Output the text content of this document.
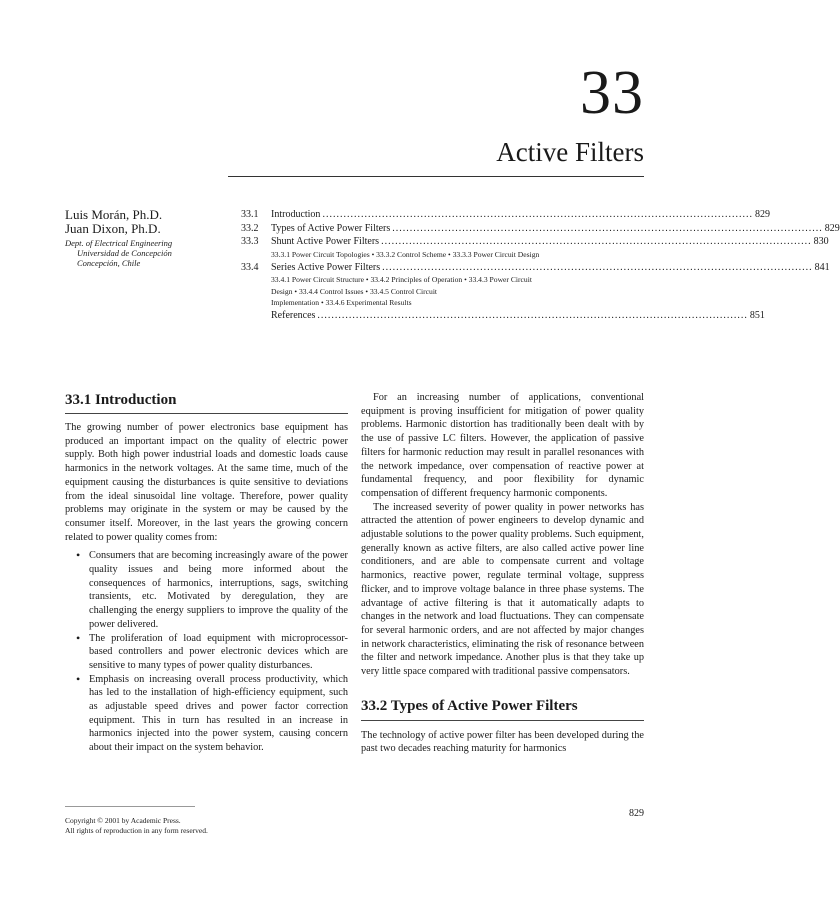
33
Active Filters
Luis Morán, Ph.D.
Juan Dixon, Ph.D.
Dept. of Electrical Engineering
Universidad de Concepción
Concepción, Chile
33.1 Introduction ........................................................................................................................... 829
33.2 Types of Active Power Filters ........................................................................................................................... 829
33.3 Shunt Active Power Filters ........................................................................................................................... 830
33.3.1 Power Circuit Topologies • 33.3.2 Control Scheme • 33.3.3 Power Circuit Design
33.4 Series Active Power Filters ........................................................................................................................... 841
33.4.1 Power Circuit Structure • 33.4.2 Principles of Operation • 33.4.3 Power Circuit
Design • 33.4.4 Control Issues • 33.4.5 Control Circuit
Implementation • 33.4.6 Experimental Results
References ........................................................................................................................... 851
33.1 Introduction

The growing number of power electronics base equipment has produced an important impact on the quality of electric power supply. Both high power industrial loads and domestic loads cause harmonics in the network voltages. At the same time, much of the equipment causing the disturbances is quite sensitive to deviations from the ideal sinusoidal line voltage. Therefore, power quality problems may originate in the system or may be caused by the consumer itself. Moreover, in the last years the growing concern related to power quality comes from:

• Consumers that are becoming increasingly aware of the power quality issues and being more informed about the consequences of harmonics, interruptions, sags, switching transients, etc. Motivated by deregulation, they are challenging the energy suppliers to improve the quality of the power delivered.
• The proliferation of load equipment with microprocessor-based controllers and power electronic devices which are sensitive to many types of power quality disturbances.
• Emphasis on increasing overall process productivity, which has led to the installation of high-efficiency equipment, such as adjustable speed drives and power factor correction equipment. This in turn has resulted in an increase in harmonics injected into the power system, causing concern about their impact on the system behavior.

For an increasing number of applications, conventional equipment is proving insufficient for mitigation of power quality problems. Harmonic distortion has traditionally been dealt with by the use of passive LC filters. However, the application of passive filters for harmonic reduction may result in parallel resonances with the network impedance, over compensation of reactive power at fundamental frequency, and poor flexibility for dynamic compensation of different frequency harmonic components.

The increased severity of power quality in power networks has attracted the attention of power engineers to develop dynamic and adjustable solutions to the power quality problems. Such equipment, generally known as active filters, are also called active power line conditioners, and are able to compensate current and voltage harmonics, reactive power, regulate terminal voltage, suppress flicker, and to improve voltage balance in three phase systems. The advantage of active filtering is that it automatically adapts to changes in the network and load fluctuations. They can compensate for several harmonic orders, and are not affected by major changes in network characteristics, eliminating the risk of resonance between the filter and network impedance. Another plus is that they take up very little space compared with traditional passive compensators.

33.2 Types of Active Power Filters

The technology of active power filter has been developed during the past two decades reaching maturity for harmonics

Copyright © 2001 by Academic Press.
All rights of reproduction in any form reserved.
829
